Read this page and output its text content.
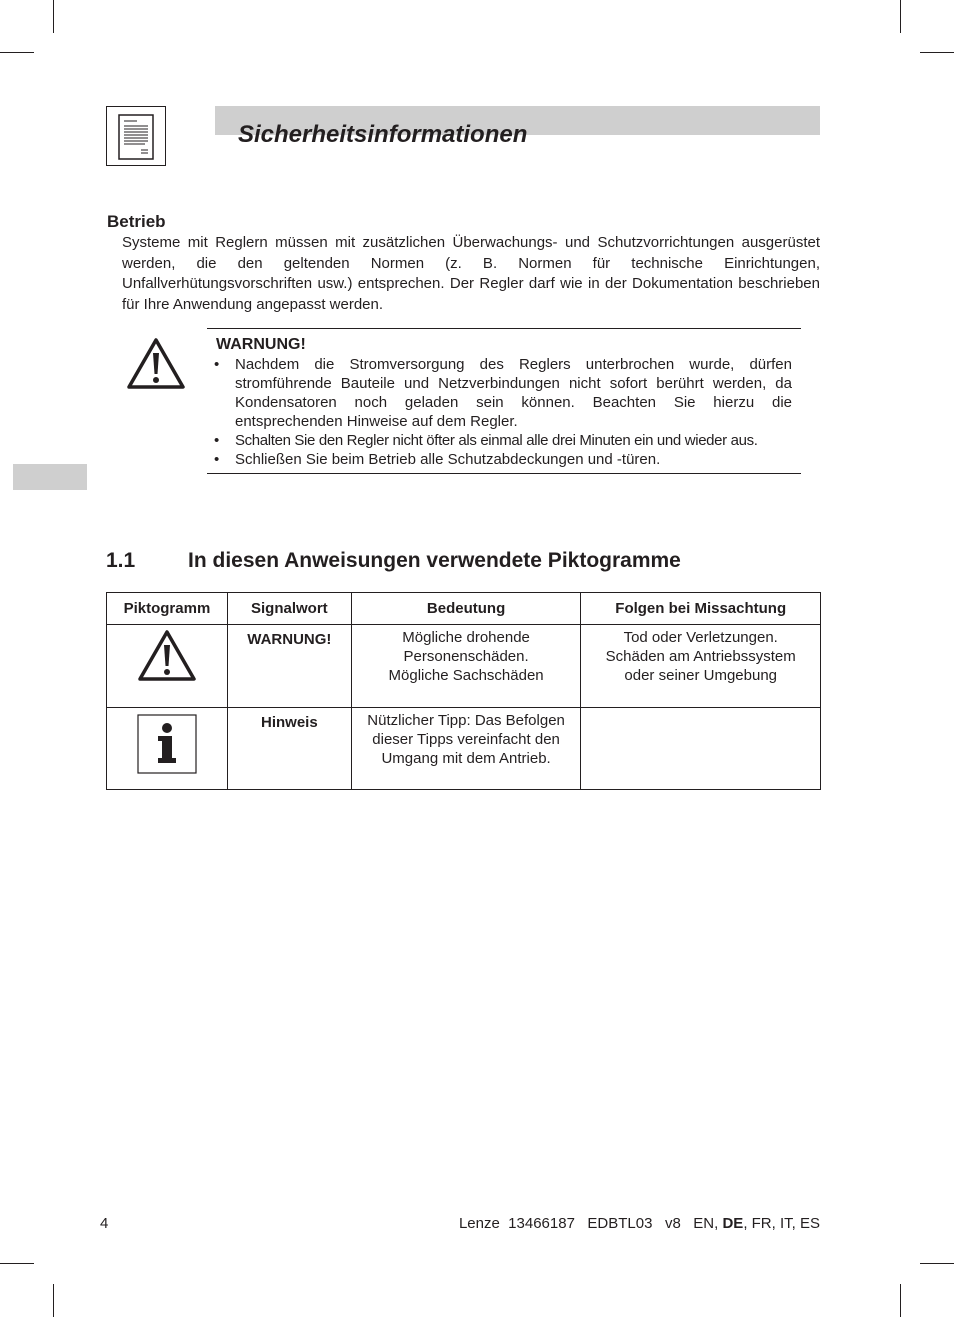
Sicherheitsinformationen
Betrieb

Systeme mit Reglern müssen mit zusätzlichen Überwachungs- und Schutzvorrichtungen ausgerüstet werden, die den geltenden Normen (z. B. Normen für technische Einrichtungen, Unfallverhütungsvorschriften usw.) entsprechen. Der Regler darf wie in der Dokumentation beschrieben für Ihre Anwendung angepasst werden.

WARNUNG!
• Nachdem die Stromversorgung des Reglers unterbrochen wurde, dürfen stromführende Bauteile und Netzverbindungen nicht sofort berührt werden, da Kondensatoren noch geladen sein können. Beachten Sie hierzu die entsprechenden Hinweise auf dem Regler.
• Schalten Sie den Regler nicht öfter als einmal alle drei Minuten ein und wieder aus.
• Schließen Sie beim Betrieb alle Schutzabdeckungen und -türen.
1.1	In diesen Anweisungen verwendete Piktogramme
Piktogramm	Signalwort	Bedeutung	Folgen bei Missachtung
	WARNUNG!	Mögliche drohende
Personenschäden.
Mögliche Sachschäden	Tod oder Verletzungen.
Schäden am Antriebssystem
oder seiner Umgebung

	Hinweis	Nützlicher Tipp: Das Befolgen
dieser Tipps vereinfacht den
Umgang mit dem Antrieb.	

4	Lenze  13466187   EDBTL03   v8   EN, DE, FR, IT, ES
